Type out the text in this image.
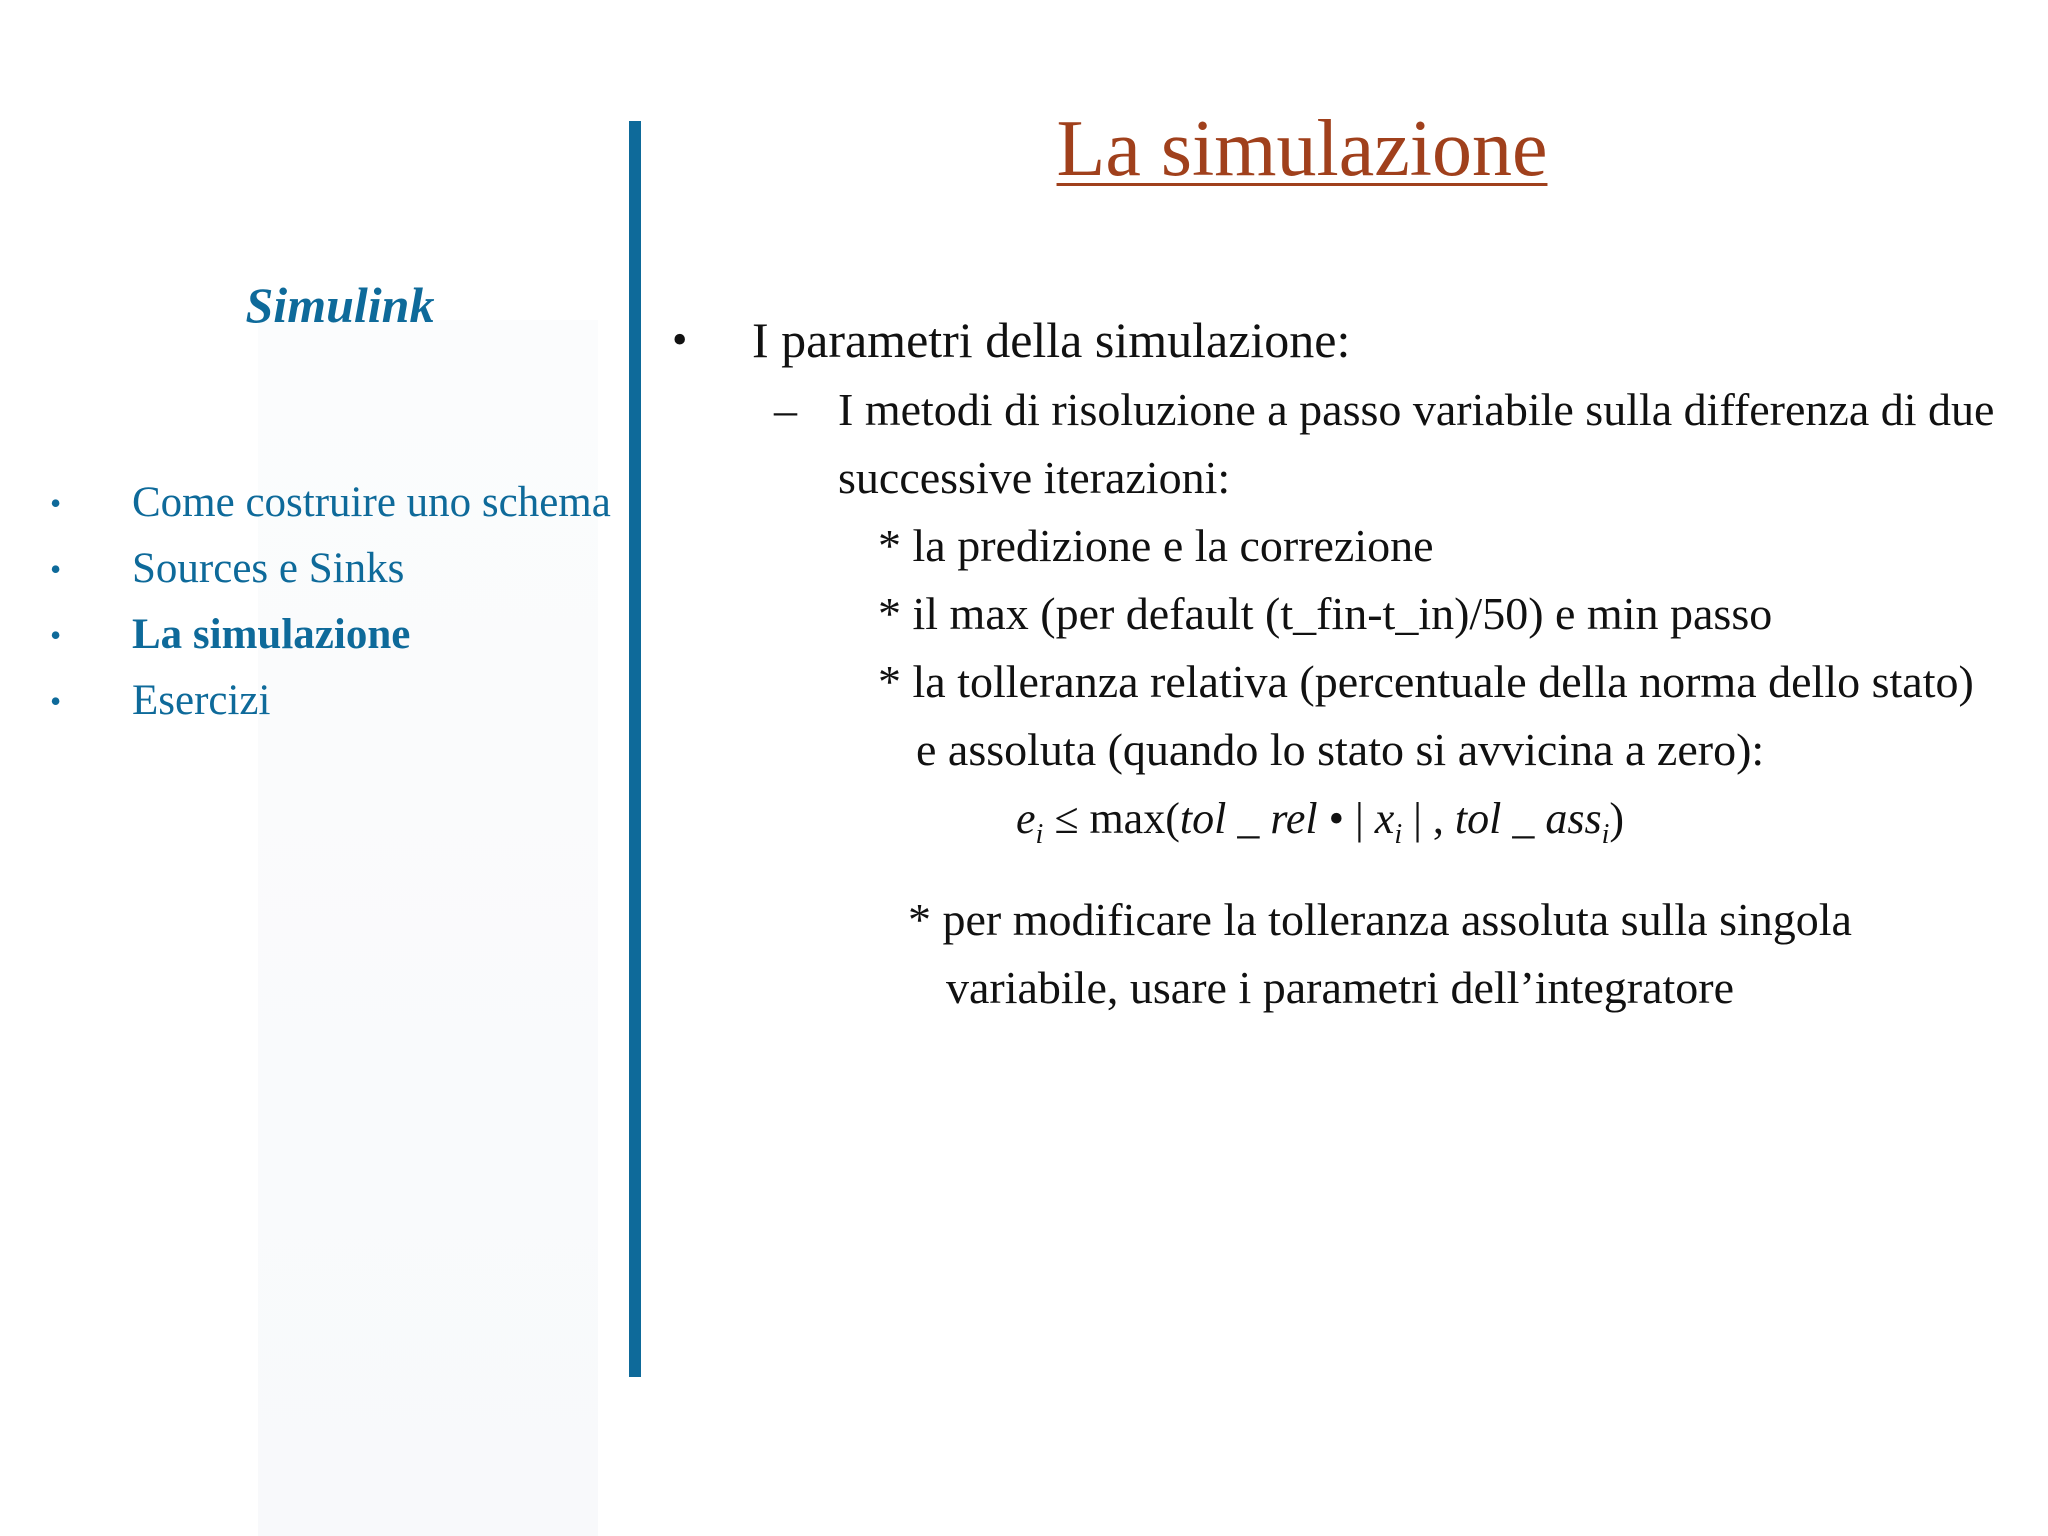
Simulink
• Come costruire uno schema
• Sources e Sinks
• La simulazione
• Esercizi
La simulazione
• I parametri della simulazione:
– I metodi di risoluzione a passo variabile sulla differenza di due successive iterazioni:
* la predizione e la correzione
* il max (per default (t_fin-t_in)/50) e min passo
* la tolleranza relativa (percentuale della norma dello stato) e assoluta (quando lo stato si avvicina a zero):
$e_i \le \max(tol$ _ rel • | $x_i$ | , tol _ ass$_i$)
* per modificare la tolleranza assoluta sulla singola variabile, usare i parametri dell’integratore
